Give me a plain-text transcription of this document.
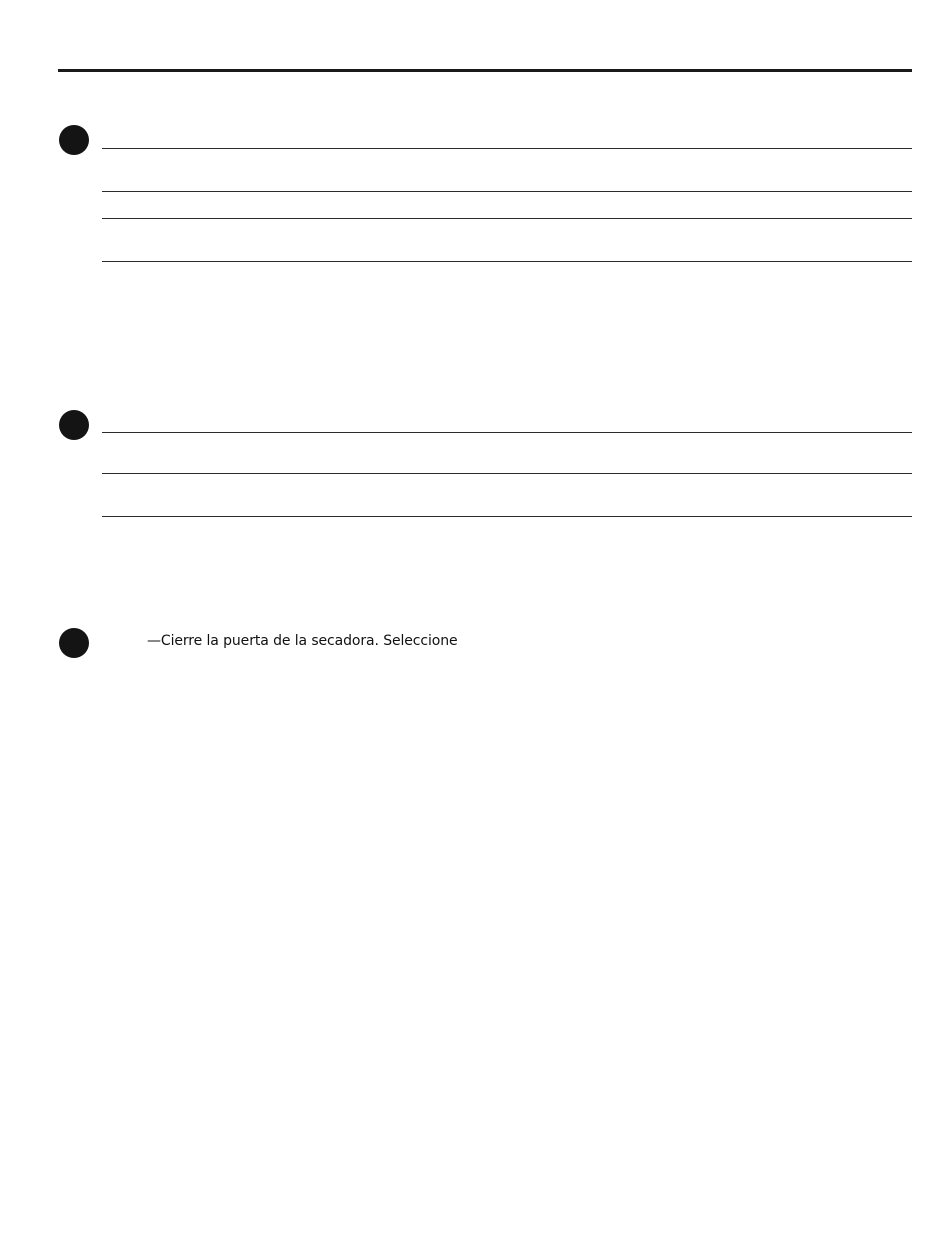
—Cierre la puerta de la secadora. Seleccione
